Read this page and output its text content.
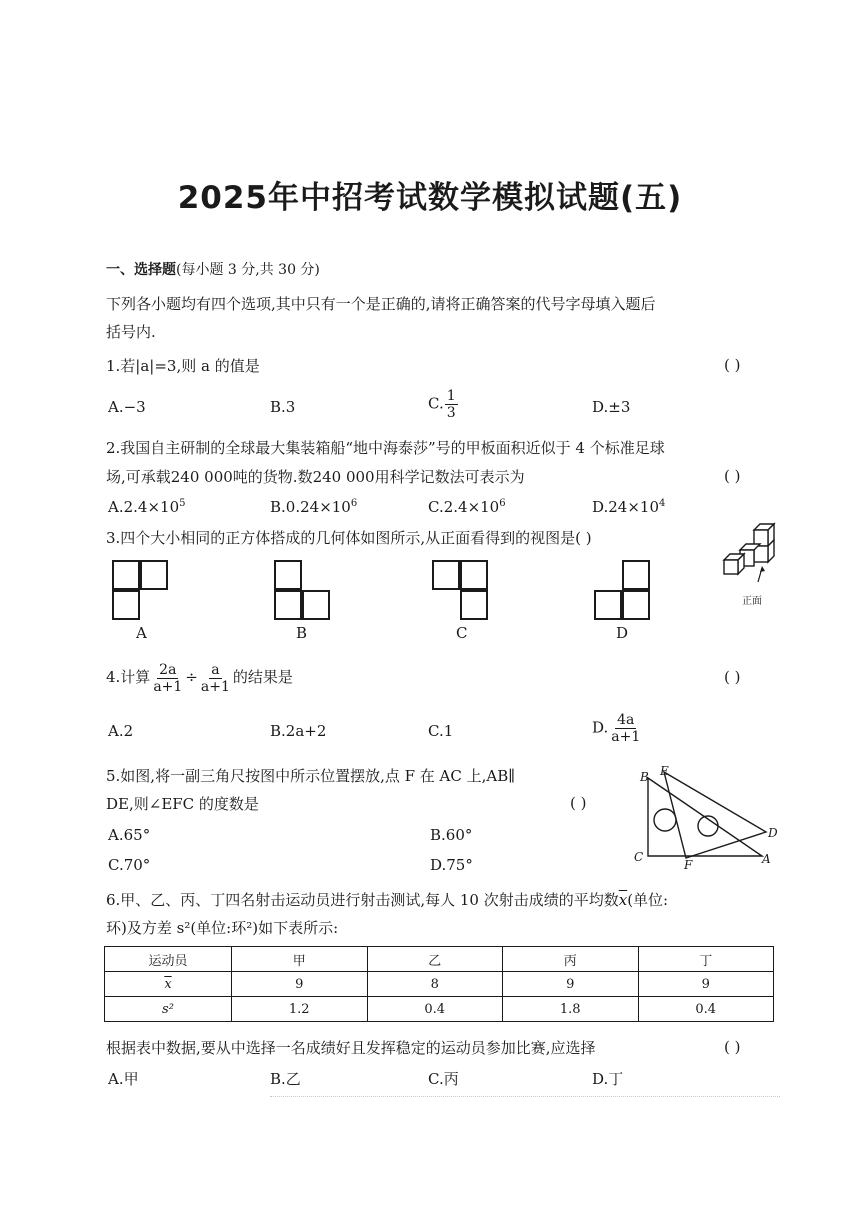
2025年中招考试数学模拟试题(五)
一、选择题(每小题 3 分,共 30 分)
下列各小题均有四个选项,其中只有一个是正确的,请将正确答案的代号字母填入题后
括号内.
1.若|a|=3,则 a 的值是	( )
A.−3	B.3	C. $\frac{1}{3}$	D.±3
2.我国自主研制的全球最大集装箱船“地中海泰莎”号的甲板面积近似于 4 个标准足球
场,可承载240 000吨的货物.数240 000用科学记数法可表示为	( )
$A.2.4\times 10^5$	$B.0.24\times 10^6$	$C.2.4\times 10^6$	$D.24\times 10^4$
3.四个大小相同的正方体搭成的几何体如图所示,从正面看得到的视图是( )
A	B	C	D
正面
4.计算 $\frac{2a}{a+1} \div \frac{a}{a+1}$ 的结果是	( )
A.2	B.2a+2	C.1	D. $\frac{4a}{a+1}$
5.如图,将一副三角尺按图中所示位置摆放,点 F 在 AC 上,AB∥
DE,则∠EFC 的度数是	( )
A.65°	B.60°
C.70°	D.75°
B E
D
C
F	A
6.甲、乙、丙、丁四名射击运动员进行射击测试,每人 10 次射击成绩的平均数$\overline{x}$(单位:
环)及方差 s²(单位:环²)如下表所示:
运动员	甲	乙	丙	丁
$\overline{x}$	9	8	9	9
s²	1.2	0.4	1.8	0.4
根据表中数据,要从中选择一名成绩好且发挥稳定的运动员参加比赛,应选择	( )
A.甲	B.乙	C.丙	D.丁
